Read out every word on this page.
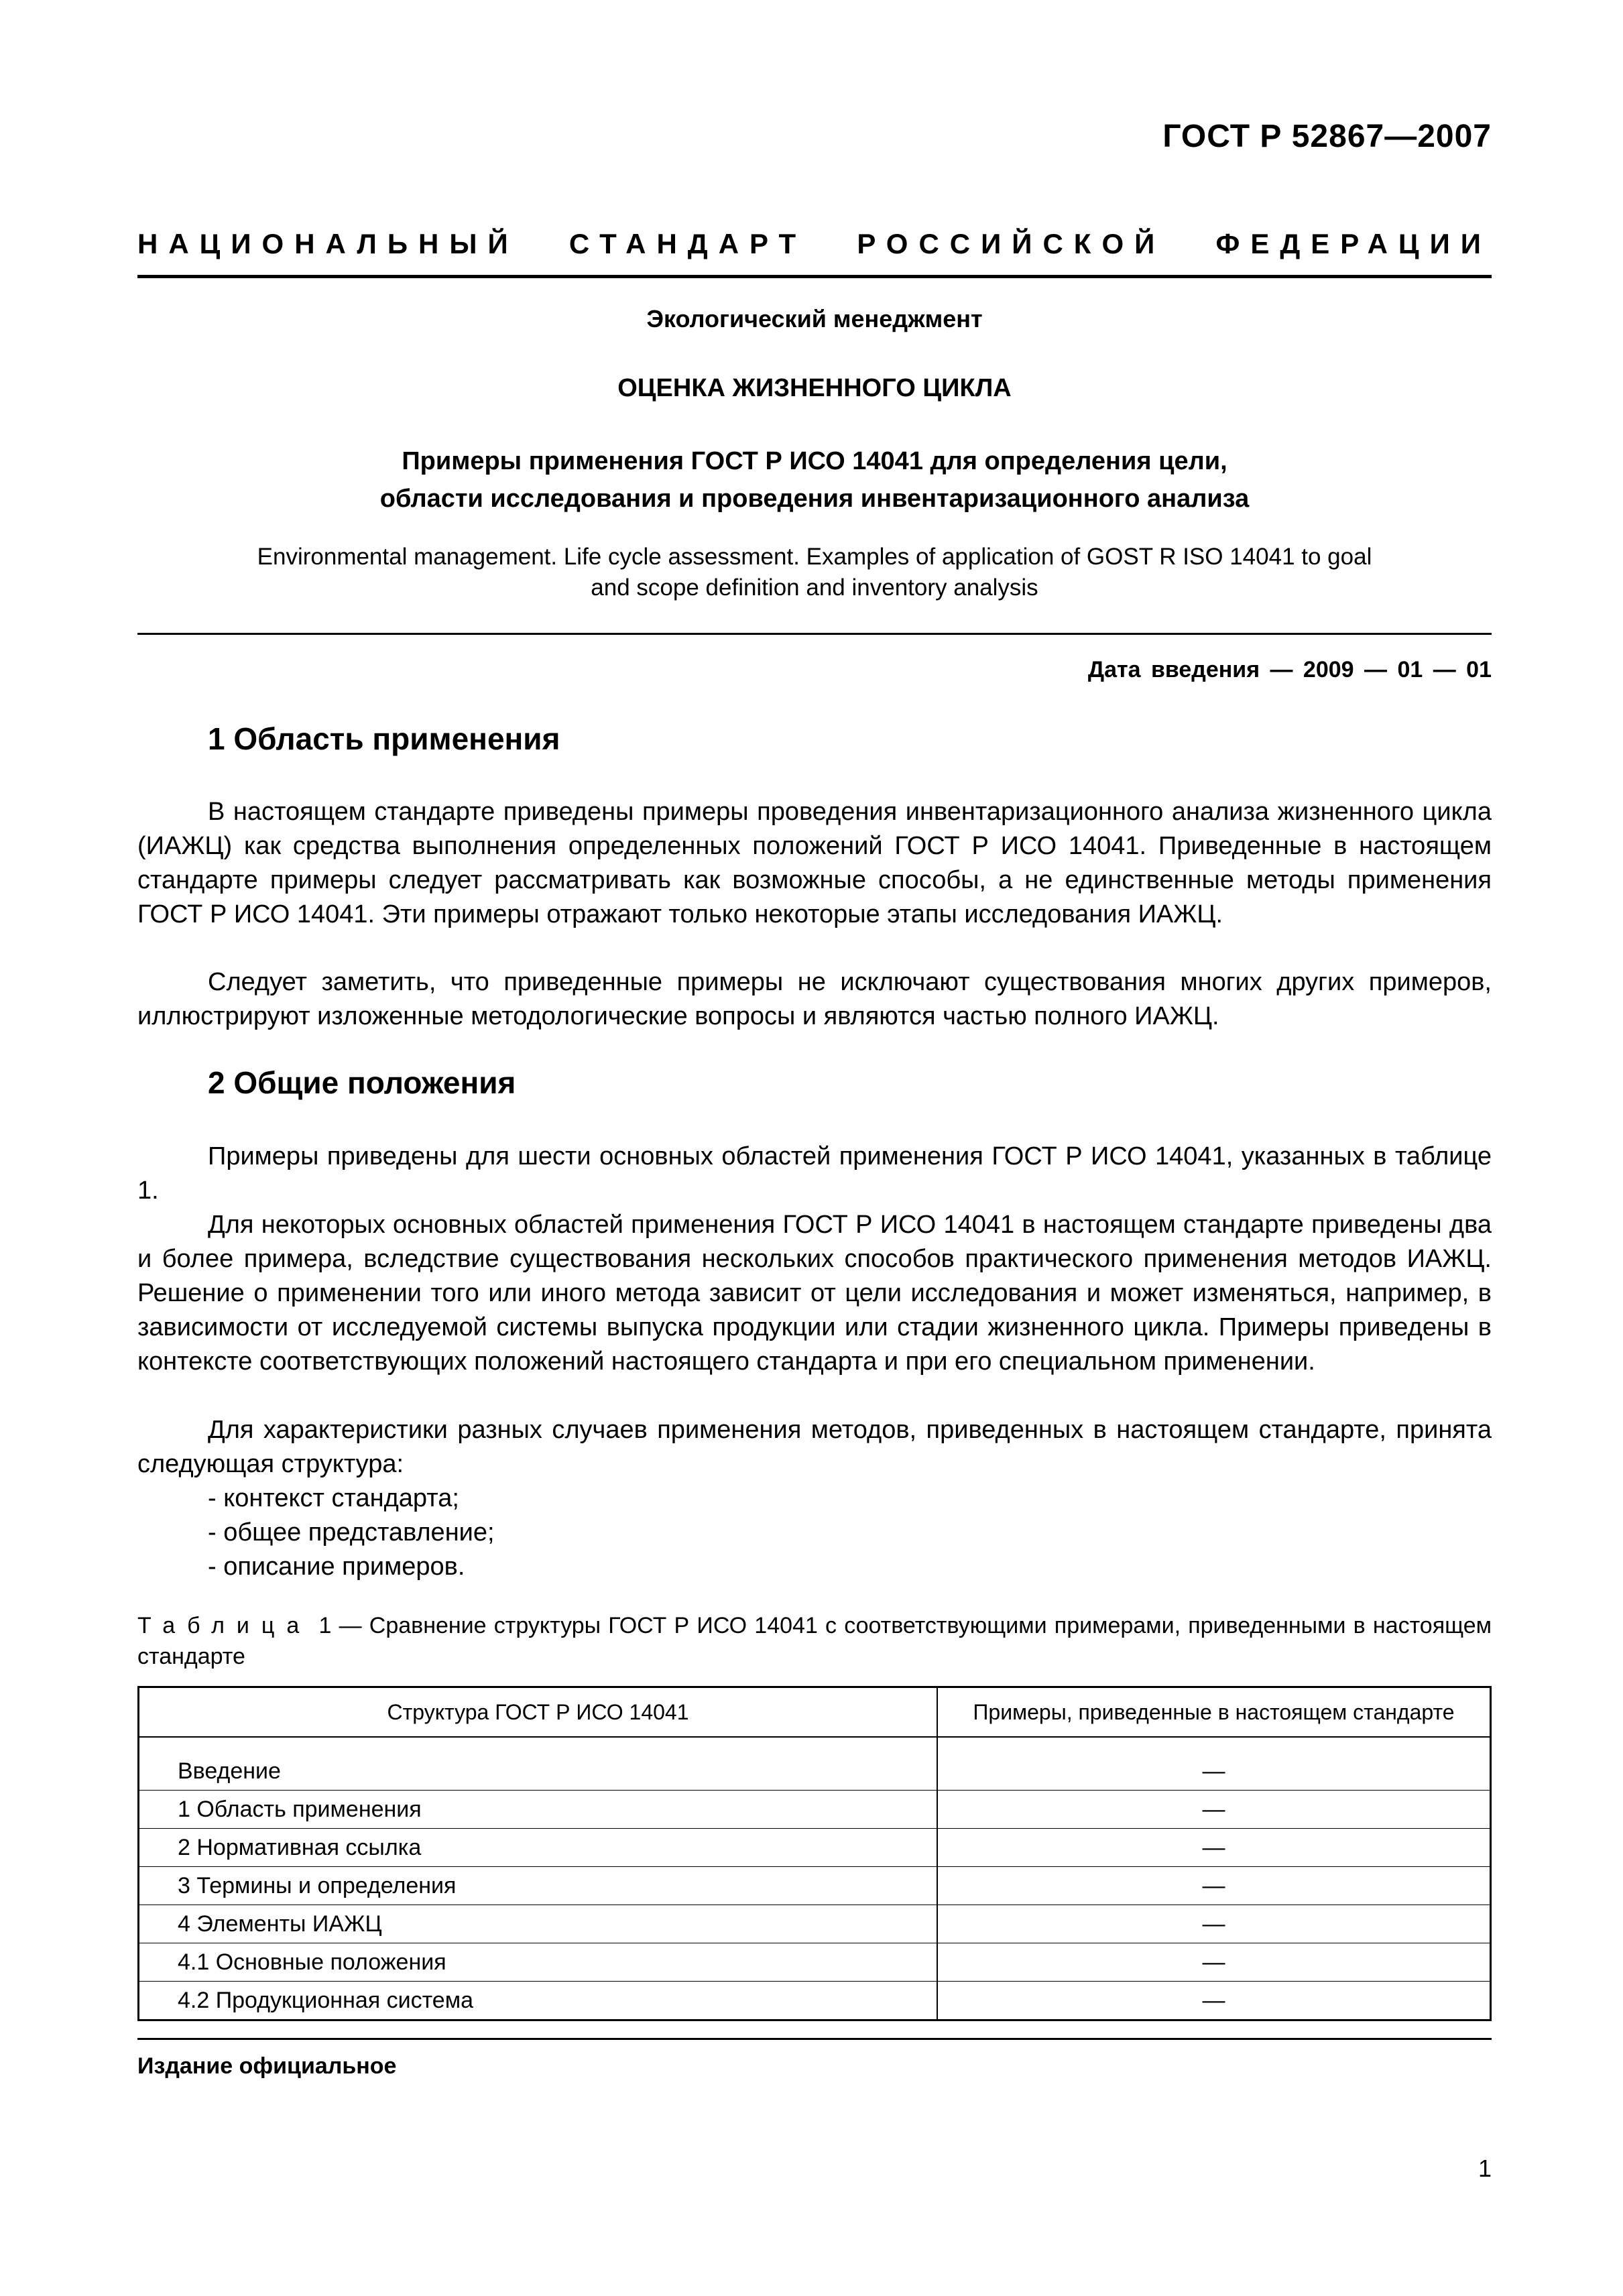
ГОСТ Р 52867—2007
НАЦИОНАЛЬНЫЙ СТАНДАРТ РОССИЙСКОЙ ФЕДЕРАЦИИ
Экологический менеджмент
ОЦЕНКА ЖИЗНЕННОГО ЦИКЛА
Примеры применения ГОСТ Р ИСО 14041 для определения цели,
области исследования и проведения инвентаризационного анализа
Environmental management. Life cycle assessment. Examples of application of GOST R ISO 14041 to goal
and scope definition and inventory analysis
Дата введения — 2009 — 01 — 01
1 Область применения
В настоящем стандарте приведены примеры проведения инвентаризационного анализа жизненного цикла (ИАЖЦ) как средства выполнения определенных положений ГОСТ Р ИСО 14041. Приведенные в настоящем стандарте примеры следует рассматривать как возможные способы, а не единственные методы применения ГОСТ Р ИСО 14041. Эти примеры отражают только некоторые этапы исследования ИАЖЦ.
Следует заметить, что приведенные примеры не исключают существования многих других примеров, иллюстрируют изложенные методологические вопросы и являются частью полного ИАЖЦ.
2 Общие положения
Примеры приведены для шести основных областей применения ГОСТ Р ИСО 14041, указанных в таблице 1.
Для некоторых основных областей применения ГОСТ Р ИСО 14041 в настоящем стандарте приведены два и более примера, вследствие существования нескольких способов практического применения методов ИАЖЦ. Решение о применении того или иного метода зависит от цели исследования и может изменяться, например, в зависимости от исследуемой системы выпуска продукции или стадии жизненного цикла. Примеры приведены в контексте соответствующих положений настоящего стандарта и при его специальном применении.
Для характеристики разных случаев применения методов, приведенных в настоящем стандарте, принята следующая структура:
- контекст стандарта;
- общее представление;
- описание примеров.
Таблица 1 — Сравнение структуры ГОСТ Р ИСО 14041 с соответствующими примерами, приведенными в настоящем стандарте
Структура ГОСТ Р ИСО 14041	Примеры, приведенные в настоящем стандарте
Введение	—
1 Область применения	—
2 Нормативная ссылка	—
3 Термины и определения	—
4 Элементы ИАЖЦ	—
4.1 Основные положения	—
4.2 Продукционная система	—
Издание официальное
1
